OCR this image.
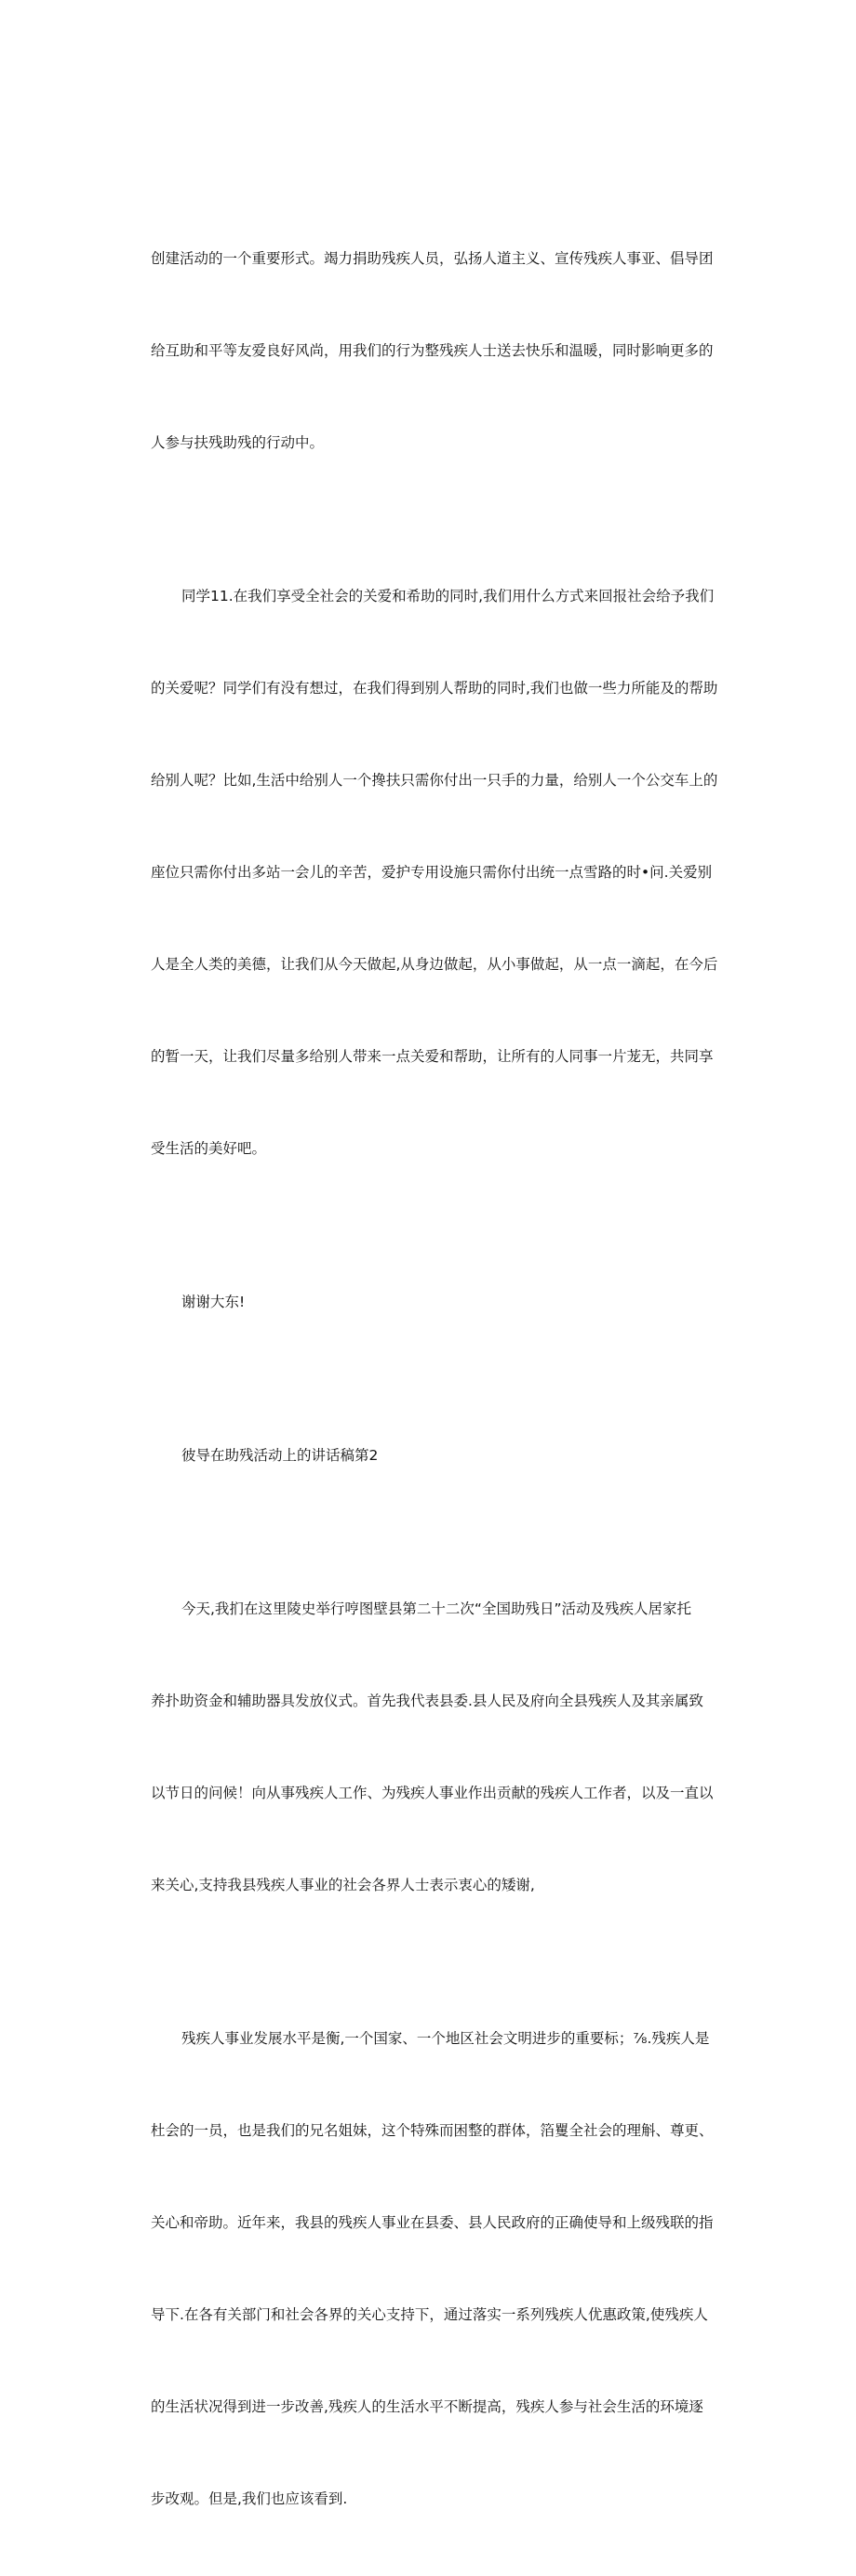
创建活动的一个重要形式。竭力捐助残疾人员，弘扬人道主义、宣传残疾人事亚、倡导团

给互助和平等友爱良好风尚，用我们的行为整残疾人士送去快乐和温暖，同时影响更多的

人参与扶残助残的行动中。

同学11.在我们享受全社会的关爱和希助的同时,我们用什么方式来回报社会给予我们

的关爱呢？同学们有没有想过，在我们得到别人帮助的同时,我们也做一些力所能及的帮助

给别人呢？比如,生活中给别人一个搀扶只需你付出一只手的力量，给别人一个公交车上的

座位只需你付出多站一会儿的辛苦，爱护专用设施只需你付出统一点雪路的时•问.关爱别

人是全人类的美德，让我们从今天做起,从身边做起，从小事做起，从一点一滴起，在今后

的暂一天，让我们尽量多给别人带来一点关爱和帮助，让所有的人同事一片茏无，共同享

受生活的美好吧。

谢谢大东!

彼导在助残活动上的讲话稿第2

今天,我扪在这里陵史举行哼图壁县第二十二次“全国助残日”活动及残疾人居家托

养扑助资金和辅助器具发放仪式。首先我代表县委.县人民及府向全县残疾人及其亲属致

以节日的问候！向从事残疾人工作、为残疾人事业作出贡献的残疾人工作者，以及一直以

来关心,支持我县残疾人事业的社会各界人士表示衷心的矮谢,

残疾人事业发展水平是衡,一个国家、一个地区社会文明进步的重要标；⅞.残疾人是

杜会的一员，也是我们的兄名姐妹，这个特殊而困整的群体，箔矍全社会的理斛、尊更、

关心和帝助。近年来，我县的残疾人事业在县委、县人民政府的正确使导和上级残联的指

导下.在各有关部门和社会各界的关心支持下，通过落实一系列残疾人优惠政策,使残疾人

的生活状况得到进一步改善,残疾人的生活水平不断提高，残疾人参与社会生活的环境逐

步改观。但是,我们也应该看到.
